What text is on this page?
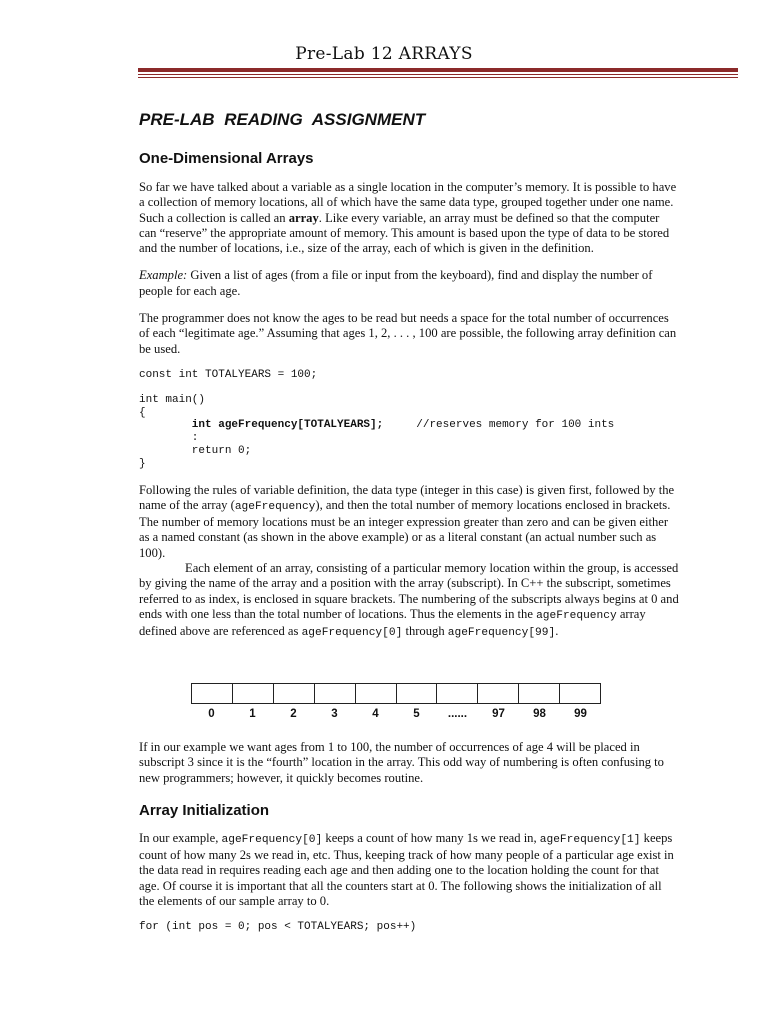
Pre-Lab 12 ARRAYS
PRE-LAB READING ASSIGNMENT
One-Dimensional Arrays

So far we have talked about a variable as a single location in the computer’s memory. It is possible to have a collection of memory locations, all of which have the same data type, grouped together under one name. Such a collection is called an array. Like every variable, an array must be defined so that the computer can “reserve” the appropriate amount of memory. This amount is based upon the type of data to be stored and the number of locations, i.e., size of the array, each of which is given in the definition.

Example: Given a list of ages (from a file or input from the keyboard), find and display the number of people for each age.

The programmer does not know the ages to be read but needs a space for the total number of occurrences of each “legitimate age.” Assuming that ages 1, 2, . . . , 100 are possible, the following array definition can be used.

const int TOTALYEARS = 100;
int main()
{
int ageFrequency[TOTALYEARS];     //reserves memory for 100 ints
:
return 0;
}

Following the rules of variable definition, the data type (integer in this case) is given first, followed by the name of the array (ageFrequency), and then the total number of memory locations enclosed in brackets. The number of memory locations must be an integer expression greater than zero and can be given either as a named constant (as shown in the above example) or as a literal constant (an actual number such as 100).

Each element of an array, consisting of a particular memory location within the group, is accessed by giving the name of the array and a position with the array (subscript). In C++ the subscript, sometimes referred to as index, is enclosed in square brackets. The numbering of the subscripts always begins at 0 and ends with one less than the total number of locations. Thus the elements in the ageFrequency array defined above are referenced as ageFrequency[0] through ageFrequency[99].

0	1	2	3	4	5	......	97	98	99

If in our example we want ages from 1 to 100, the number of occurrences of age 4 will be placed in subscript 3 since it is the “fourth” location in the array. This odd way of numbering is often confusing to new programmers; however, it quickly becomes routine.

Array Initialization

In our example, ageFrequency[0] keeps a count of how many 1s we read in, ageFrequency[1] keeps count of how many 2s we read in, etc. Thus, keeping track of how many people of a particular age exist in the data read in requires reading each age and then adding one to the location holding the count for that age. Of course it is important that all the counters start at 0. The following shows the initialization of all the elements of our sample array to 0.

for (int pos = 0; pos < TOTALYEARS; pos++)
